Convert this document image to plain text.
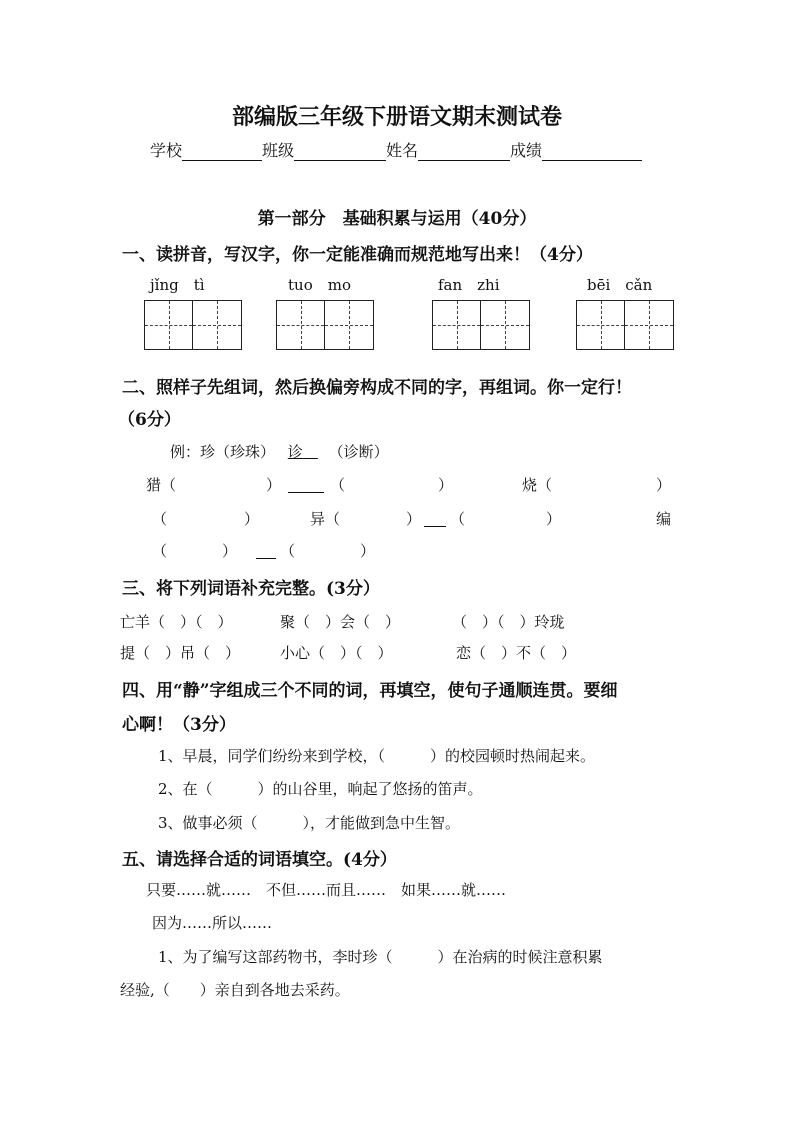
部编版三年级下册语文期末测试卷
学校	班级	姓名	成绩
第一部分　基础积累与运用（40分）
一、读拼音，写汉字，你一定能准确而规范地写出来！（4分）
jǐng　tì	tuo　mo	fan　zhi	bēi　cǎn
二、照样子先组词，然后换偏旁构成不同的字，再组词。你一定行！
（6分）
例：珍（珍珠） 诊  （诊断）
猎（	）	（	）	烧（	）
（	）	异（	） （	）	编
（	）	（	）
三、将下列词语补充完整。(3分）
亡羊（　）（　）	聚（　）会（　）	（　）（　）玲珑
提（　）吊（　）	小心（　）（　）	恋（　）不（　）
四、用“静”字组成三个不同的词，再填空，使句子通顺连贯。要细
心啊！（3分）
1、早晨，同学们纷纷来到学校，（　　　）的校园顿时热闹起来。
2、在（　　　）的山谷里，响起了悠扬的笛声。
3、做事必须（　　　），才能做到急中生智。
五、请选择合适的词语填空。(4分）
只要……就……　不但……而且……　如果……就……
因为……所以……
1、为了编写这部药物书，李时珍（　　　）在治病的时候注意积累
经验,（　　）亲自到各地去采药。
